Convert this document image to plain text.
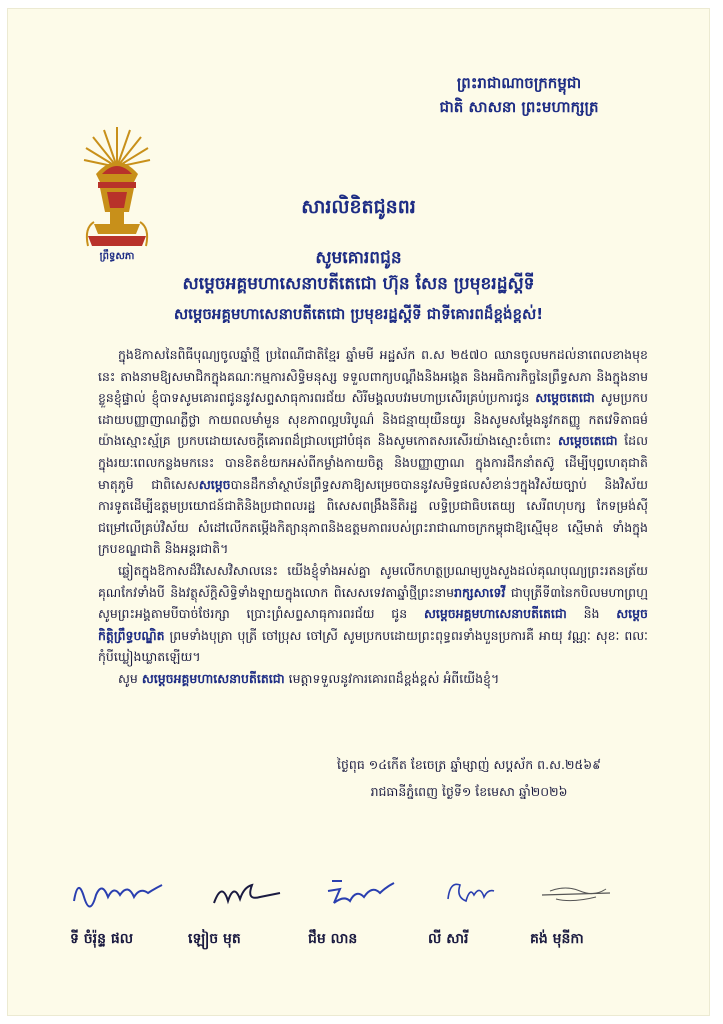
ព្រះរាជាណាចក្រកម្ពុជា
ជាតិ សាសនា ព្រះមហាក្សត្រ
ព្រឹទ្ធសភា
សារលិខិតជូនពរ
សូមគោរពជូន
សម្តេចអគ្គមហាសេនាបតីតេជោ ហ៊ុន សែន ប្រមុខរដ្ឋស្តីទី
សម្តេចអគ្គមហាសេនាបតីតេជោ ប្រមុខរដ្ឋស្តីទី ជាទីគោរពដ៏ខ្ពង់ខ្ពស់!

ក្នុងឱកាសនៃពិធីបុណ្យចូលឆ្នាំថ្មី ប្រពៃណីជាតិខ្មែរ ឆ្នាំមមី អដ្ឋស័ក ព.ស ២៥៧០ ឈានចូលមកដល់នាពេលខាងមុខនេះ តាងនាមឱ្យសមាជិកក្នុងគណៈកម្មការសិទ្ធិមនុស្ស ទទួលពាក្យបណ្តឹងនិងអង្កេត និងអធិការកិច្ចនៃព្រឹទ្ធសភា និងក្នុងនាមខ្លួនខ្ញុំផ្ទាល់ ខ្ញុំបាទសូមគោរពជូននូវសព្ទសាធុការពរជ័យ សិរីមង្គលបវរមហាប្រសើរគ្រប់ប្រការជូន សម្តេចតេជោ សូមប្រកបដោយបញ្ញាញាណភ្លឺថ្លា កាយពលមាំមួន សុខភាពល្អបរិបូណ៌ និងជន្មាយុយឺនយូរ និងសូមសម្តែងនូវកតញ្ញូ កតវេទិតាធម៌យ៉ាងស្មោះស្ម័គ្រ ប្រកបដោយសេចក្តីគោរពដ៏ជ្រាលជ្រៅបំផុត និងសូមកោតសរសើរយ៉ាងស្មោះចំពោះ សម្តេចតេជោ ដែលក្នុងរយៈពេលកន្លងមកនេះ បានខិតខំយកអស់ពីកម្លាំងកាយចិត្ត និងបញ្ញាញាណ ក្នុងការដឹកនាំតស៊ូ ដើម្បីបុព្វហេតុជាតិមាតុភូមិ ជាពិសេសសម្តេចបានដឹកនាំស្ថាប័នព្រឹទ្ធសភាឱ្យសម្រេចបាននូវសមិទ្ធផលសំខាន់ៗក្នុងវិស័យច្បាប់ និងវិស័យការទូតដើម្បីឧត្តមប្រយោជន៍ជាតិនិងប្រជាពលរដ្ឋ ពិសេសពង្រឹងនីតិរដ្ឋ លទ្ធិប្រជាធិបតេយ្យ សេរីពហុបក្ស កែទម្រង់ស៊ីជម្រៅលើគ្រប់វិស័យ សំដៅលើកតម្កើងកិត្យានុភាពនិងឧត្តមភាពរបស់ព្រះរាជាណាចក្រកម្ពុជាឱ្យស្មើមុខ ស្មើមាត់ ទាំងក្នុងក្របខណ្ឌជាតិ និងអន្តរជាតិ។

ឆ្លៀតក្នុងឱកាសដ៏វិសេសវិសាលនេះ យើងខ្ញុំទាំងអស់គ្នា សូមលើកហត្ថប្រណម្យបួងសួងដល់គុណបុណ្យព្រះរតនត្រ័យគុណកែវទាំងបី និងវត្ថុស័ក្តិសិទ្ធិទាំងឡាយក្នុងលោក ពិសេសទេវតាឆ្នាំថ្មីព្រះនាមរាក្សសាទេវី ជាបុត្រីទី៣នៃកបិលមហាព្រហ្ម សូមព្រះអង្គតាមបីបាច់ថែរក្សា ប្រោះព្រំសព្ទសាធុការពរជ័យ ជូន សម្តេចអគ្គមហាសេនាបតីតេជោ និង សម្តេចកិត្តិព្រឹទ្ធបណ្ឌិត ព្រមទាំងបុត្រា បុត្រី ចៅប្រុស ចៅស្រី សូមប្រកបដោយព្រះពុទ្ធពរទាំងបួនប្រការគឺ អាយុ វណ្ណៈ សុខៈ ពលៈ កុំបីឃ្លៀងឃ្លាតឡើយ។

សូម សម្តេចអគ្គមហាសេនាបតីតេជោ មេត្តាទទួលនូវការគោរពដ៏ខ្ពង់ខ្ពស់ អំពីយើងខ្ញុំ។

ថ្ងៃពុធ ១៤កើត ខែចេត្រ ឆ្នាំម្សាញ់ សប្តស័ក ព.ស.២៥៦៩
រាជធានីភ្នំពេញ ថ្ងៃទី១ ខែមេសា ឆ្នាំ២០២៦
ទី ចំរ៉ុន្ទ ផល	ឡៀច មុត	ជឹម លាន	លី សារី	គង់ មុនីកា
